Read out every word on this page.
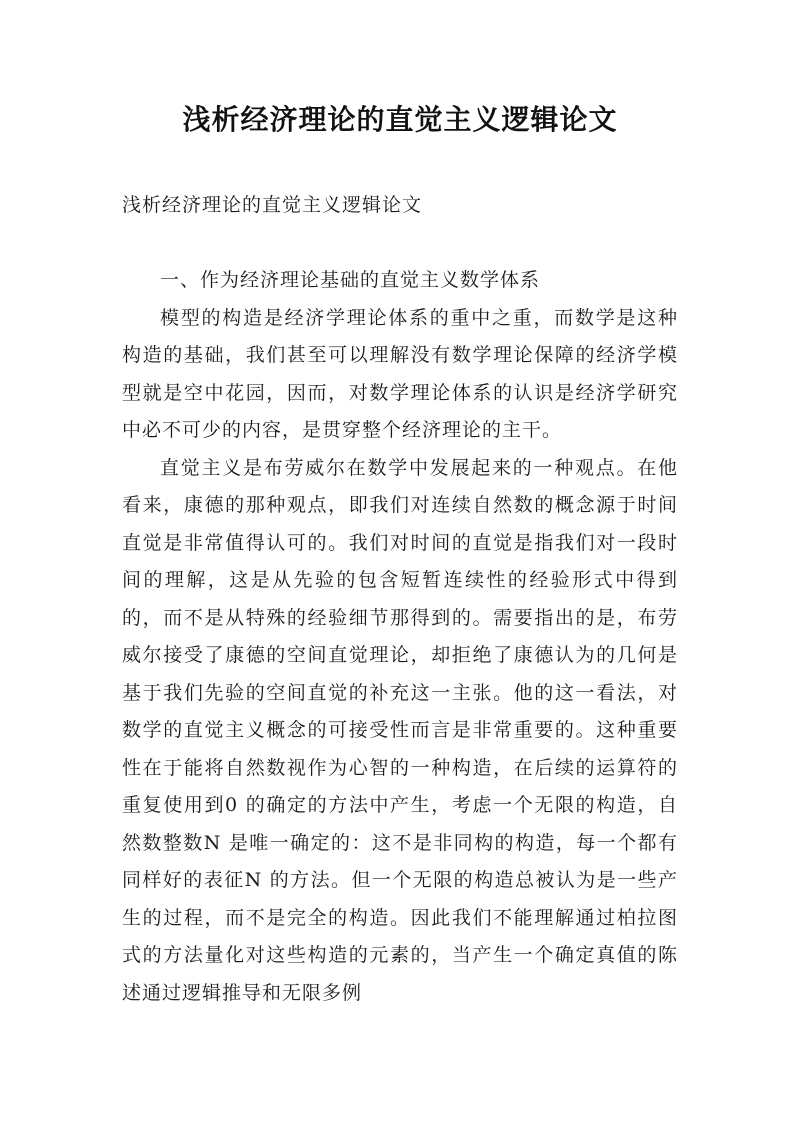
浅析经济理论的直觉主义逻辑论文
浅析经济理论的直觉主义逻辑论文

一、作为经济理论基础的直觉主义数学体系

模型的构造是经济学理论体系的重中之重，而数学是这种构造的基础，我们甚至可以理解没有数学理论保障的经济学模型就是空中花园，因而，对数学理论体系的认识是经济学研究中必不可少的内容，是贯穿整个经济理论的主干。

直觉主义是布劳威尔在数学中发展起来的一种观点。在他看来，康德的那种观点，即我们对连续自然数的概念源于时间直觉是非常值得认可的。我们对时间的直觉是指我们对一段时间的理解，这是从先验的包含短暂连续性的经验形式中得到的，而不是从特殊的经验细节那得到的。需要指出的是，布劳威尔接受了康德的空间直觉理论，却拒绝了康德认为的几何是基于我们先验的空间直觉的补充这一主张。他的这一看法，对数学的直觉主义概念的可接受性而言是非常重要的。这种重要性在于能将自然数视作为心智的一种构造，在后续的运算符的重复使用到0 的确定的方法中产生，考虑一个无限的构造，自然数整数N 是唯一确定的：这不是非同构的构造，每一个都有同样好的表征N 的方法。但一个无限的构造总被认为是一些产生的过程，而不是完全的构造。因此我们不能理解通过柏拉图式的方法量化对这些构造的元素的，当产生一个确定真值的陈述通过逻辑推导和无限多例
